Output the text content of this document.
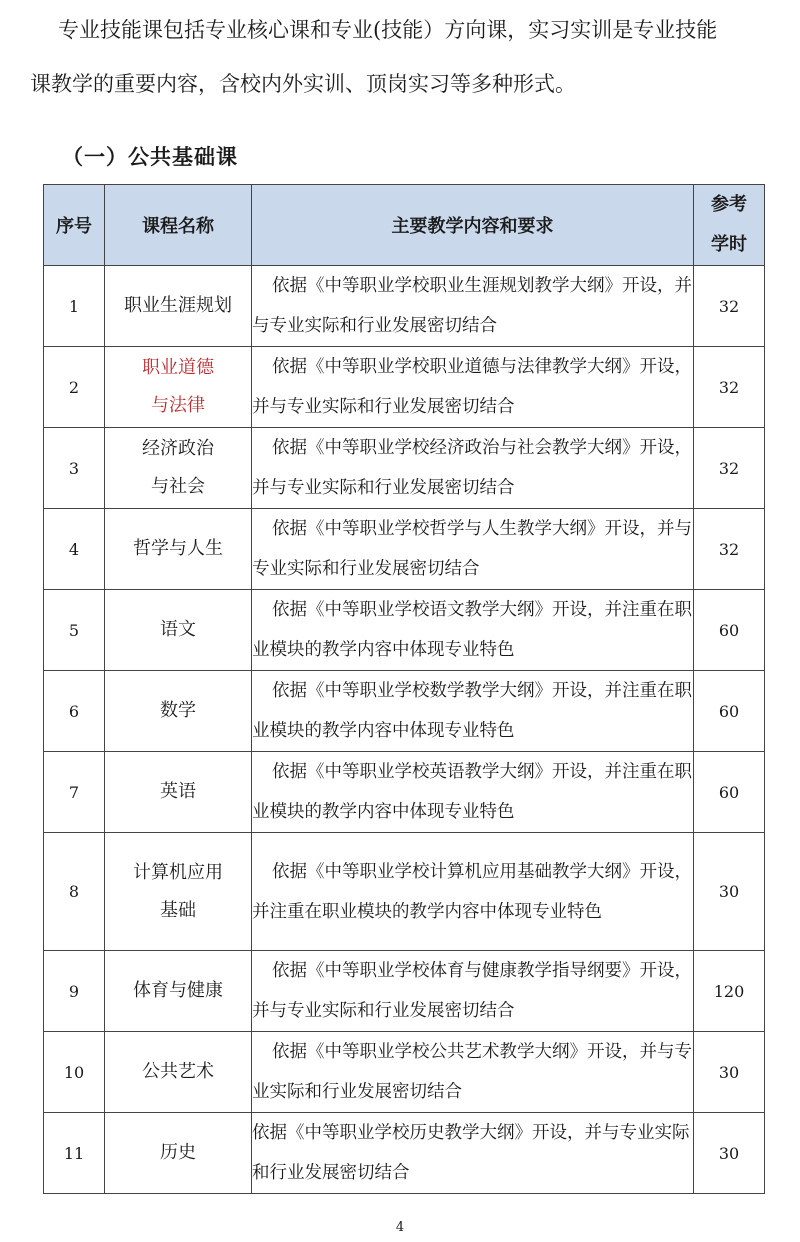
专业技能课包括专业核心课和专业(技能）方向课，实习实训是专业技能
课教学的重要内容，含校内外实训、顶岗实习等多种形式。
（一）公共基础课
序号	课程名称	主要教学内容和要求	参考
学时
1	职业生涯规划	依据《中等职业学校职业生涯规划教学大纲》开设，并与专业实际和行业发展密切结合	32
2	职业道德
与法律	依据《中等职业学校职业道德与法律教学大纲》开设，并与专业实际和行业发展密切结合	32
3	经济政治
与社会	依据《中等职业学校经济政治与社会教学大纲》开设，并与专业实际和行业发展密切结合	32
4	哲学与人生	依据《中等职业学校哲学与人生教学大纲》开设，并与专业实际和行业发展密切结合	32
5	语文	依据《中等职业学校语文教学大纲》开设，并注重在职业模块的教学内容中体现专业特色	60
6	数学	依据《中等职业学校数学教学大纲》开设，并注重在职业模块的教学内容中体现专业特色	60
7	英语	依据《中等职业学校英语教学大纲》开设，并注重在职业模块的教学内容中体现专业特色	60
8	计算机应用
基础	依据《中等职业学校计算机应用基础教学大纲》开设，并注重在职业模块的教学内容中体现专业特色	30
9	体育与健康	依据《中等职业学校体育与健康教学指导纲要》开设，并与专业实际和行业发展密切结合	120
10	公共艺术	依据《中等职业学校公共艺术教学大纲》开设，并与专业实际和行业发展密切结合	30
11	历史	依据《中等职业学校历史教学大纲》开设，并与专业实际和行业发展密切结合	30
4
